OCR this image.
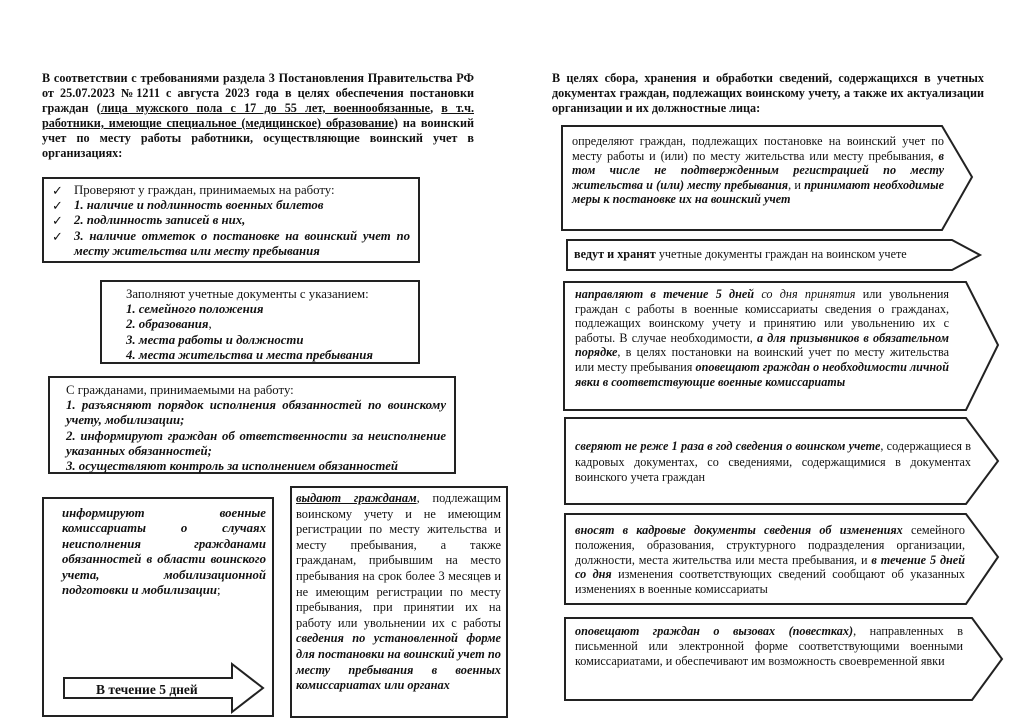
В соответствии с требованиями раздела 3 Постановления Правительства РФ от 25.07.2023 №1211 с августа 2023 года в целях обеспечения постановки граждан (лица мужского пола с 17 до 55 лет, военнообязанные, в т.ч. работники, имеющие специальное (медицинское) образование) на воинский учет по месту работы работники, осуществляющие воинский учет в организациях:
✓ Проверяют у граждан, принимаемых на работу:
✓ 1. наличие и подлинность военных билетов
✓ 2. подлинность записей в них,
✓ 3. наличие отметок о постановке на воинский учет по месту жительства или месту пребывания
Заполняют учетные документы с указанием:
1. семейного положения
2. образования,
3. места работы и должности
4. места жительства и места пребывания
С гражданами, принимаемыми на работу:
1. разъясняют порядок исполнения обязанностей по воинскому учету, мобилизации;
2. информируют граждан об ответственности за неисполнение указанных обязанностей;
3. осуществляют контроль за исполнением обязанностей
информируют	военные комиссариаты о случаях неисполнения гражданами обязанностей в области воинского учета, мобилизационной подготовки и мобилизации;
В течение 5 дней
выдают гражданам, подлежащим воинскому учету и не имеющим регистрации по месту жительства и месту пребывания, а также гражданам, прибывшим на место пребывания на срок более 3 месяцев и не имеющим регистрации по месту пребывания, при принятии их на работу или увольнении их с работы сведения по установленной форме для постановки на воинский учет по месту пребывания в военных комиссариатах или органах
В целях сбора, хранения и обработки сведений, содержащихся в учетных документах граждан, подлежащих воинскому учету, а также их актуализации организации и их должностные лица:
определяют граждан, подлежащих постановке на воинский учет по месту работы и (или) по месту жительства или месту пребывания, в том числе не подтвержденным регистрацией по месту жительства и (или) месту пребывания, и принимают необходимые меры к постановке их на воинский учет
ведут и хранят учетные документы граждан на воинском учете
направляют в течение 5 дней со дня принятия или увольнения граждан с работы в военные комиссариаты сведения о гражданах, подлежащих воинскому учету и принятию или увольнению их с работы. В случае необходимости, а для призывников в обязательном порядке, в целях постановки на воинский учет по месту жительства или месту пребывания оповещают граждан о необходимости личной явки в соответствующие военные комиссариаты
сверяют не реже 1 раза в год сведения о воинском учете, содержащиеся в кадровых документах, со сведениями, содержащимися в документах воинского учета граждан
вносят в кадровые документы сведения об изменениях семейного положения, образования, структурного подразделения организации, должности, места жительства или места пребывания, и в течение 5 дней со дня изменения соответствующих сведений сообщают об указанных изменениях в военные комиссариаты
оповещают граждан о вызовах (повестках), направленных в письменной или электронной форме соответствующими военными комиссариатами, и обеспечивают им возможность своевременной явки
